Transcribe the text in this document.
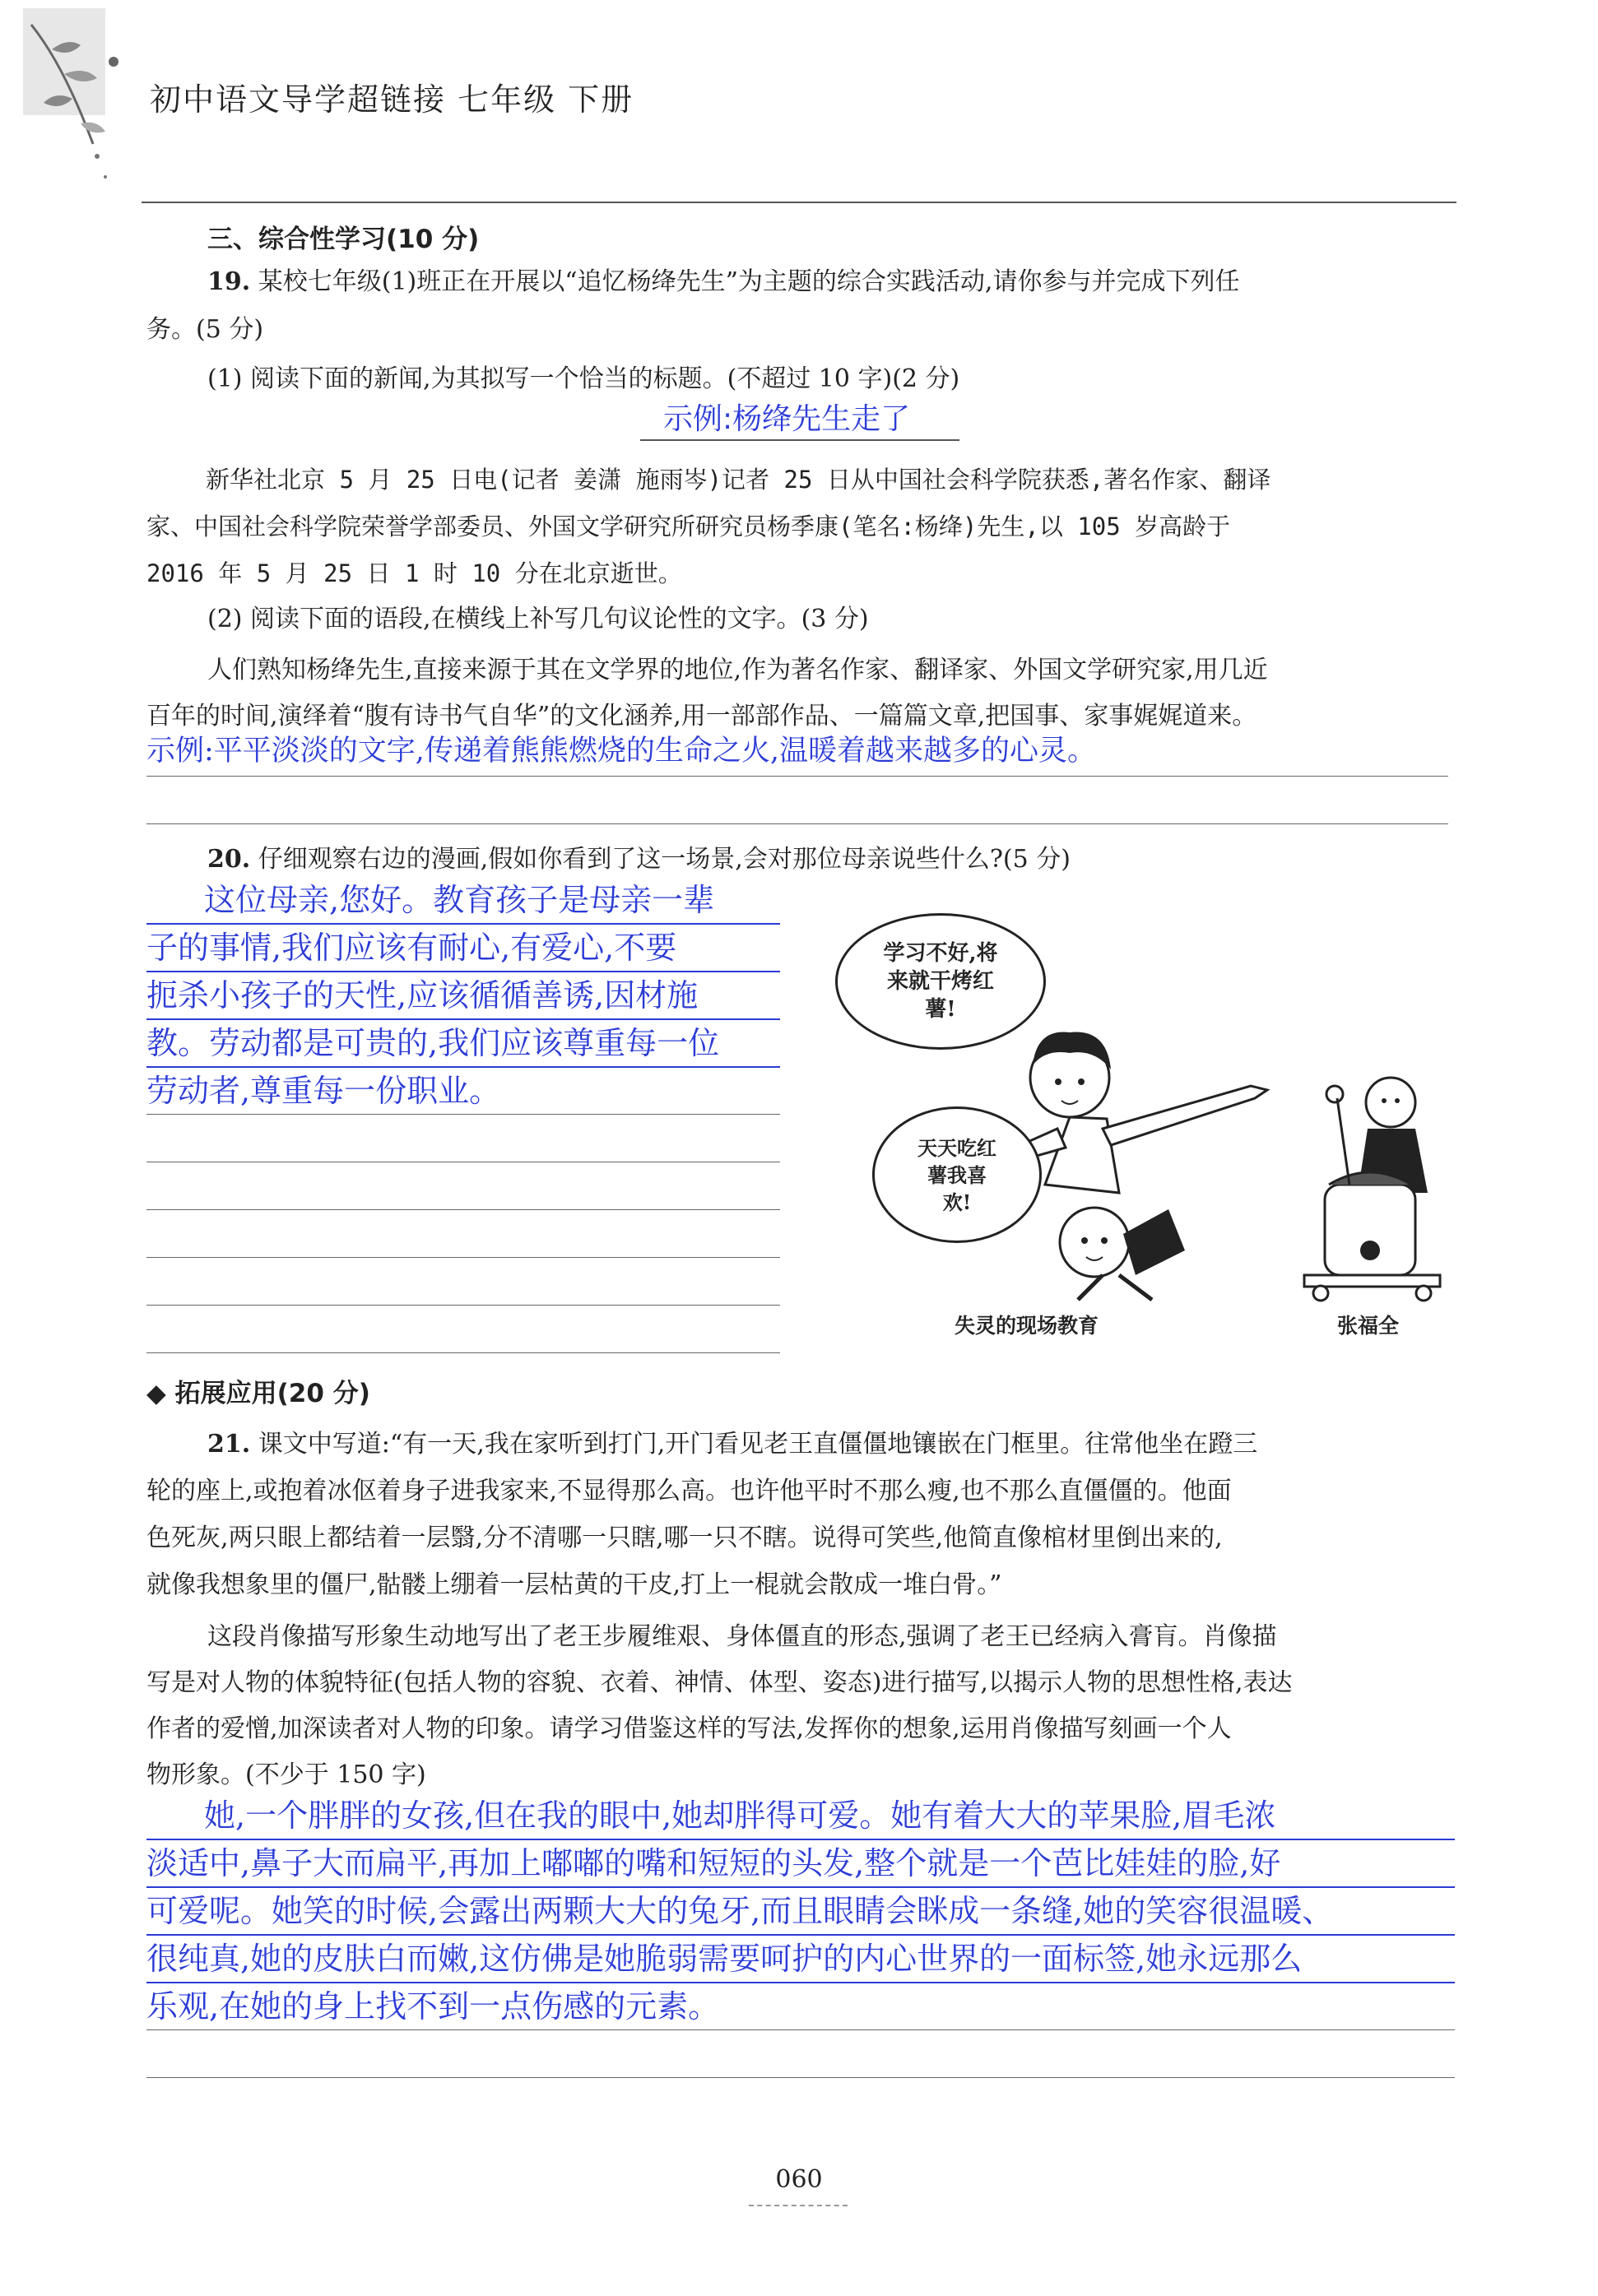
初中语文导学超链接 七年级 下册
三、综合性学习(10 分)
19. 某校七年级(1)班正在开展以“追忆杨绛先生”为主题的综合实践活动,请你参与并完成下列任
务。(5 分)
(1) 阅读下面的新闻,为其拟写一个恰当的标题。(不超过 10 字)(2 分)
示例:杨绛先生走了
新华社北京 5 月 25 日电(记者 姜潇 施雨岑)记者 25 日从中国社会科学院获悉,著名作家、翻译
家、中国社会科学院荣誉学部委员、外国文学研究所研究员杨季康(笔名:杨绛)先生,以 105 岁高龄于
2016 年 5 月 25 日 1 时 10 分在北京逝世。
(2) 阅读下面的语段,在横线上补写几句议论性的文字。(3 分)
人们熟知杨绛先生,直接来源于其在文学界的地位,作为著名作家、翻译家、外国文学研究家,用几近
百年的时间,演绎着“腹有诗书气自华”的文化涵养,用一部部作品、一篇篇文章,把国事、家事娓娓道来。
示例:平平淡淡的文字,传递着熊熊燃烧的生命之火,温暖着越来越多的心灵。
20. 仔细观察右边的漫画,假如你看到了这一场景,会对那位母亲说些什么?(5 分)
这位母亲,您好。教育孩子是母亲一辈
子的事情,我们应该有耐心,有爱心,不要
扼杀小孩子的天性,应该循循善诱,因材施
教。劳动都是可贵的,我们应该尊重每一位
劳动者,尊重每一份职业。
学习不好,将来就干烤红薯!
天天吃红薯我喜欢!
失灵的现场教育	张福全
◆ 拓展应用(20 分)
21. 课文中写道:“有一天,我在家听到打门,开门看见老王直僵僵地镶嵌在门框里。往常他坐在蹬三
轮的座上,或抱着冰伛着身子进我家来,不显得那么高。也许他平时不那么瘦,也不那么直僵僵的。他面
色死灰,两只眼上都结着一层翳,分不清哪一只瞎,哪一只不瞎。说得可笑些,他简直像棺材里倒出来的,
就像我想象里的僵尸,骷髅上绷着一层枯黄的干皮,打上一棍就会散成一堆白骨。”
这段肖像描写形象生动地写出了老王步履维艰、身体僵直的形态,强调了老王已经病入膏肓。肖像描
写是对人物的体貌特征(包括人物的容貌、衣着、神情、体型、姿态)进行描写,以揭示人物的思想性格,表达
作者的爱憎,加深读者对人物的印象。请学习借鉴这样的写法,发挥你的想象,运用肖像描写刻画一个人
物形象。(不少于 150 字)
她,一个胖胖的女孩,但在我的眼中,她却胖得可爱。她有着大大的苹果脸,眉毛浓
淡适中,鼻子大而扁平,再加上嘟嘟的嘴和短短的头发,整个就是一个芭比娃娃的脸,好
可爱呢。她笑的时候,会露出两颗大大的兔牙,而且眼睛会眯成一条缝,她的笑容很温暖、
很纯真,她的皮肤白而嫩,这仿佛是她脆弱需要呵护的内心世界的一面标签,她永远那么
乐观,在她的身上找不到一点伤感的元素。
060
